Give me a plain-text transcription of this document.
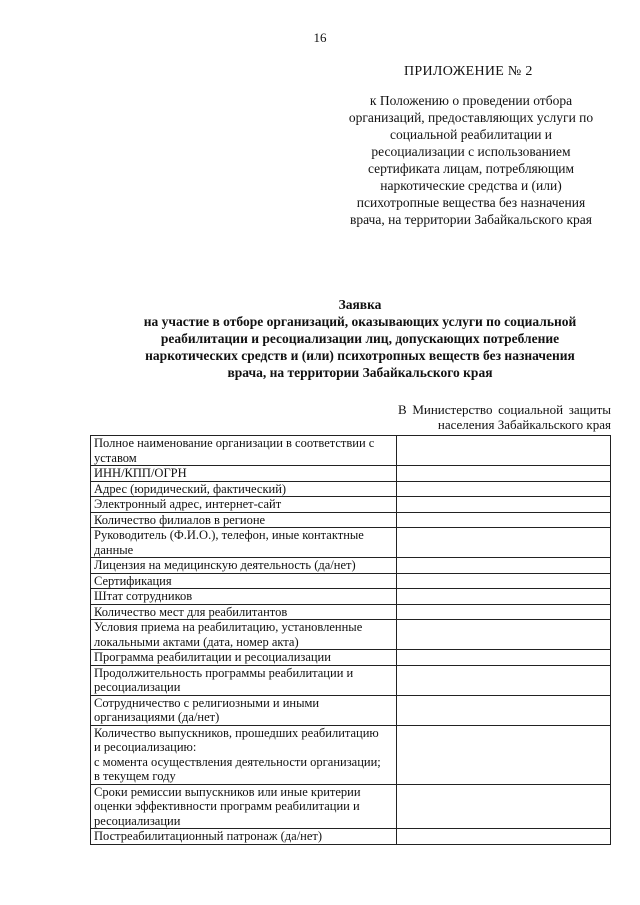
16
ПРИЛОЖЕНИЕ № 2
к Положению о проведении отбора
организаций, предоставляющих услуги по
социальной реабилитации и
ресоциализации с использованием
сертификата лицам, потребляющим
наркотические средства и (или)
психотропные вещества без назначения
врача, на территории Забайкальского края
Заявка
на участие в отборе организаций, оказывающих услуги по социальной
реабилитации и ресоциализации лиц, допускающих потребление
наркотических средств и (или) психотропных веществ без назначения
врача, на территории Забайкальского края
В Министерство социальной защиты
населения Забайкальского края
Полное наименование организации в соответствии с
уставом	

ИНН/КПП/ОГРН	

Адрес (юридический, фактический)	

Электронный адрес, интернет-сайт	

Количество филиалов в регионе	

Руководитель (Ф.И.О.), телефон, иные контактные
данные	

Лицензия на медицинскую деятельность (да/нет)	

Сертификация	

Штат сотрудников	

Количество мест для реабилитантов	

Условия приема на реабилитацию, установленные
локальными актами (дата, номер акта)	

Программа реабилитации и ресоциализации	

Продолжительность программы реабилитации и
ресоциализации	

Сотрудничество с религиозными и иными
организациями (да/нет)	

Количество выпускников, прошедших реабилитацию
и ресоциализацию:
с момента осуществления деятельности организации;
в текущем году	

Сроки ремиссии выпускников или иные критерии
оценки эффективности программ реабилитации и
ресоциализации	

Постреабилитационный патронаж (да/нет)	
